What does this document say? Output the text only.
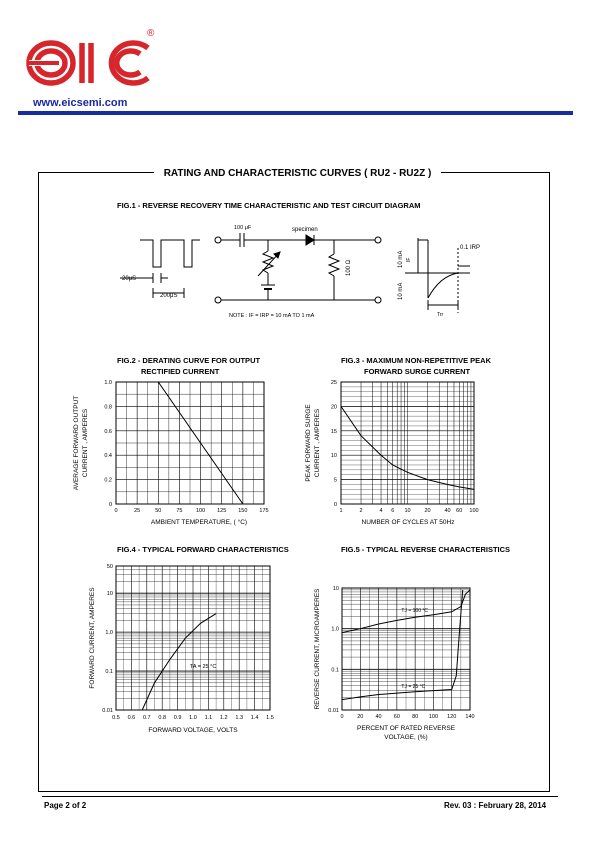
®
www.eicsemi.com
RATING AND CHARACTERISTIC CURVES ( RU2 - RU2Z )
FIG.1 - REVERSE RECOVERY TIME CHARACTERISTIC AND TEST CIRCUIT DIAGRAM
20μS
200μS
100 μF	specimen
100 Ω	10 mA
10 mA
IF
0.1 IRP
Trr
NOTE : IF = IRP = 10 mA TO 1 mA
FIG.2 - DERATING CURVE FOR OUTPUT
RECTIFIED CURRENT
FIG.3 - MAXIMUM NON-REPETITIVE PEAK
FORWARD SURGE CURRENT
0	25	50	75 100 125 150 175
0
0.2
0.4
0.6
0.8
1.0
AMBIENT TEMPERATURE, ( °C)
AVERAGE FORWARD OUTPUT CURRENT , AMPERES
1	2	4 6 10	20	40 60 100
0
5
10
15
20
25
NUMBER OF CYCLES AT 50Hz
PEAK FORWARD SURGE CURRENT , AMPERES
FIG.4 - TYPICAL FORWARD CHARACTERISTICS	FIG.5 - TYPICAL REVERSE CHARACTERISTICS
0.5 0.6 0.7 0.8 0.9 1.0 1.1 1.2 1.3 1.4 1.5
0.01
0.1
1.0
10
50
TA = 25 °C
FORWARD VOLTAGE, VOLTS
FORWARD CURRENT, AMPERES
0 20 40 60 80 100 120 140
0.01
0.1
1.0
10
TJ = 100 °C
TJ = 25 °C
PERCENT OF RATED REVERSE
VOLTAGE, (%)
REVERSE CURRENT, MICROAMPERES
Page 2 of 2	Rev. 03 : February 28, 2014
